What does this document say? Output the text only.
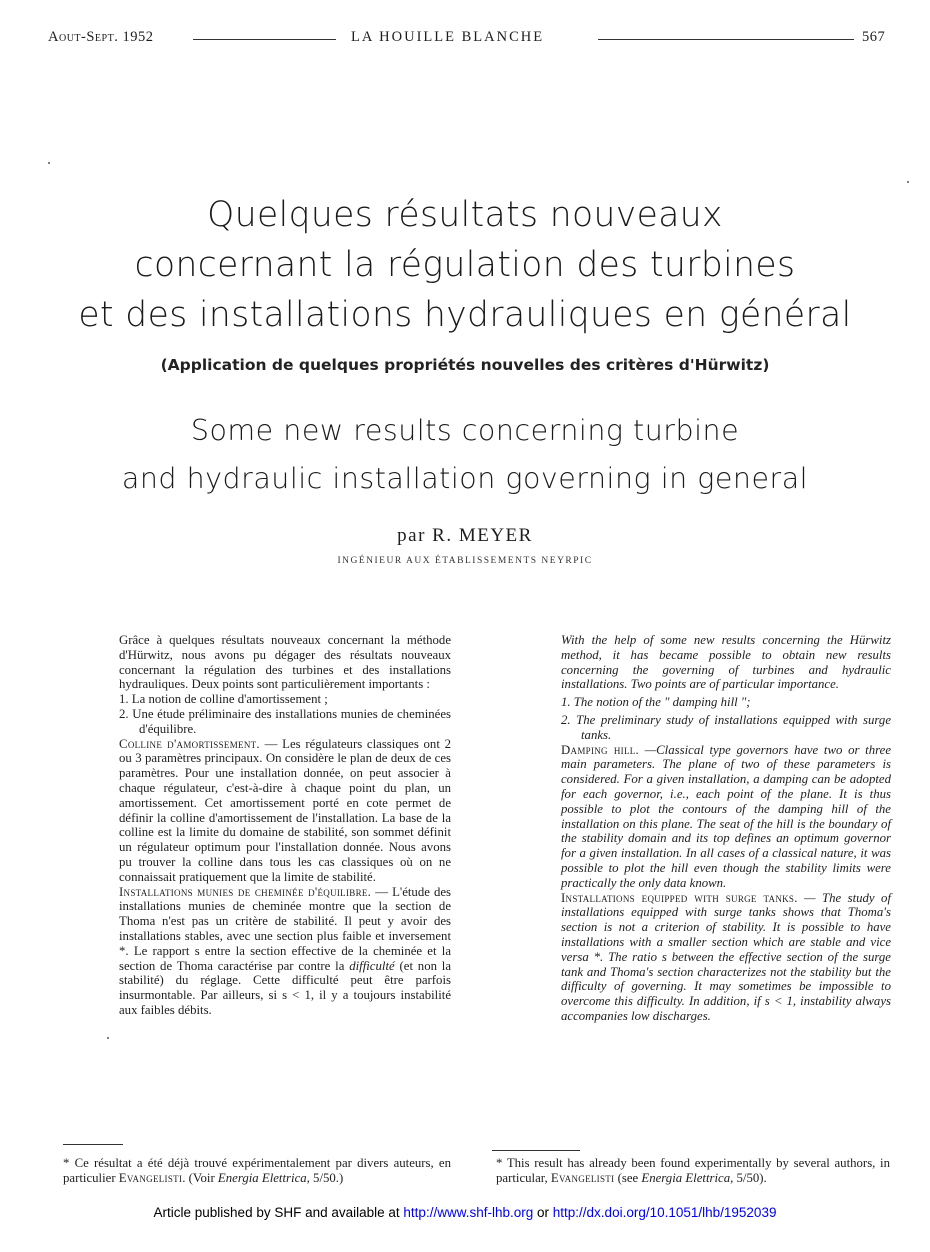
Aout-Sept. 1952	LA HOUILLE BLANCHE	567
Quelques résultats nouveaux
concernant la régulation des turbines
et des installations hydrauliques en général
(Application de quelques propriétés nouvelles des critères d'Hürwitz)
Some new results concerning turbine
and hydraulic installation governing in general
par R. MEYER
INGÉNIEUR AUX ÉTABLISSEMENTS NEYRPIC

Grâce à quelques résultats nouveaux concernant la méthode d'Hürwitz, nous avons pu dégager des résultats nouveaux concernant la régulation des turbines et des installations hydrauliques. Deux points sont particulièrement importants :

1. La notion de colline d'amortissement ;

2. Une étude préliminaire des installations munies de cheminées d'équilibre.

Colline d'amortissement. — Les régulateurs classiques ont 2 ou 3 paramètres principaux. On considère le plan de deux de ces paramètres. Pour une installation donnée, on peut associer à chaque régulateur, c'est-à-dire à chaque point du plan, un amortissement. Cet amortissement porté en cote permet de définir la colline d'amortissement de l'installation. La base de la colline est la limite du domaine de stabilité, son sommet définit un régulateur optimum pour l'installation donnée. Nous avons pu trouver la colline dans tous les cas classiques où on ne connaissait pratiquement que la limite de stabilité.

Installations munies de cheminée d'équilibre. — L'étude des installations munies de cheminée montre que la section de Thoma n'est pas un critère de stabilité. Il peut y avoir des installations stables, avec une section plus faible et inversement *. Le rapport s entre la section effective de la cheminée et la section de Thoma caractérise par contre la difficulté (et non la stabilité) du réglage. Cette difficulté peut être parfois insurmontable. Par ailleurs, si s < 1, il y a toujours instabilité aux faibles débits.

With the help of some new results concerning the Hürwitz method, it has became possible to obtain new results concerning the governing of turbines and hydraulic installations. Two points are of particular importance.

1. The notion of the " damping hill ";

2. The preliminary study of installations equipped with surge tanks.

Damping hill. —Classical type governors have two or three main parameters. The plane of two of these parameters is considered. For a given installation, a damping can be adopted for each governor, i.e., each point of the plane. It is thus possible to plot the contours of the damping hill of the installation on this plane. The seat of the hill is the boundary of the stability domain and its top defines an optimum governor for a given installation. In all cases of a classical nature, it was possible to plot the hill even though the stability limits were practically the only data known.

Installations equipped with surge tanks. — The study of installations equipped with surge tanks shows that Thoma's section is not a criterion of stability. It is possible to have installations with a smaller section which are stable and vice versa *. The ratio s between the effective section of the surge tank and Thoma's section characterizes not the stability but the difficulty of governing. It may sometimes be impossible to overcome this difficulty. In addition, if s < 1, instability always accompanies low discharges.

* Ce résultat a été déjà trouvé expérimentalement par divers auteurs, en particulier Evangelisti. (Voir Energia Elettrica, 5/50.)
* This result has already been found experimentally by several authors, in particular, Evangelisti (see Energia Elettrica, 5/50).
Article published by SHF and available at http://www.shf-lhb.org or http://dx.doi.org/10.1051/lhb/1952039
